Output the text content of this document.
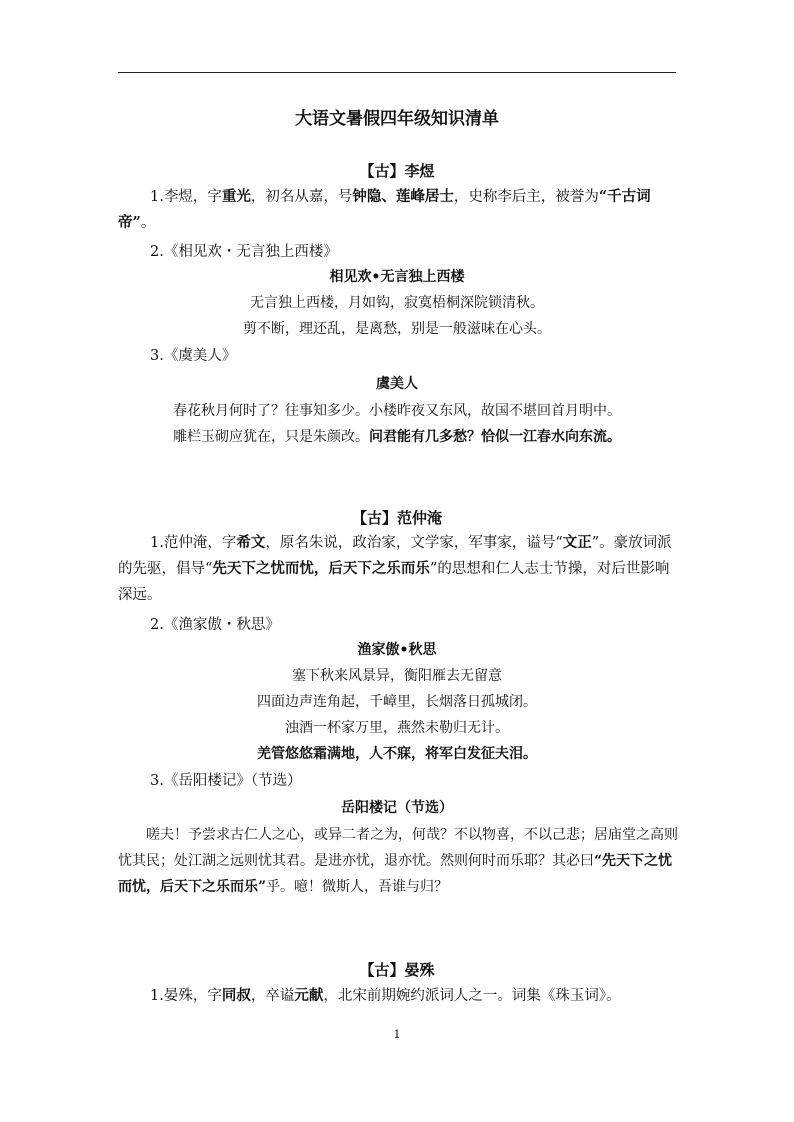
大语文暑假四年级知识清单
【古】李煜
1.李煜，字重光，初名从嘉，号钟隐、莲峰居士，史称李后主，被誉为“千古词帝”。
2.《相见欢・无言独上西楼》
相见欢•无言独上西楼
无言独上西楼，月如钩，寂寞梧桐深院锁清秋。
剪不断，理还乱，是离愁，别是一般滋味在心头。
3.《虞美人》
虞美人
春花秋月何时了？往事知多少。小楼昨夜又东风，故国不堪回首月明中。
雕栏玉砌应犹在，只是朱颜改。问君能有几多愁？恰似一江春水向东流。
【古】范仲淹
1.范仲淹，字希文，原名朱说，政治家，文学家，军事家，谥号“文正”。豪放词派的先驱，倡导“先天下之忧而忧，后天下之乐而乐”的思想和仁人志士节操，对后世影响深远。
2.《渔家傲・秋思》
渔家傲•秋思
塞下秋来风景异，衡阳雁去无留意
四面边声连角起，千嶂里，长烟落日孤城闭。
浊酒一杯家万里，燕然未勒归无计。
羌管悠悠霜满地，人不寐，将军白发征夫泪。
3.《岳阳楼记》（节选）
岳阳楼记（节选）
嗟夫！予尝求古仁人之心，或异二者之为，何哉？不以物喜，不以己悲；居庙堂之高则忧其民；处江湖之远则忧其君。是进亦忧，退亦忧。然则何时而乐耶？其必曰“先天下之忧而忧，后天下之乐而乐”乎。噫！微斯人，吾谁与归？
【古】晏殊
1.晏殊，字同叔，卒谥元献，北宋前期婉约派词人之一。词集《珠玉词》。
1
